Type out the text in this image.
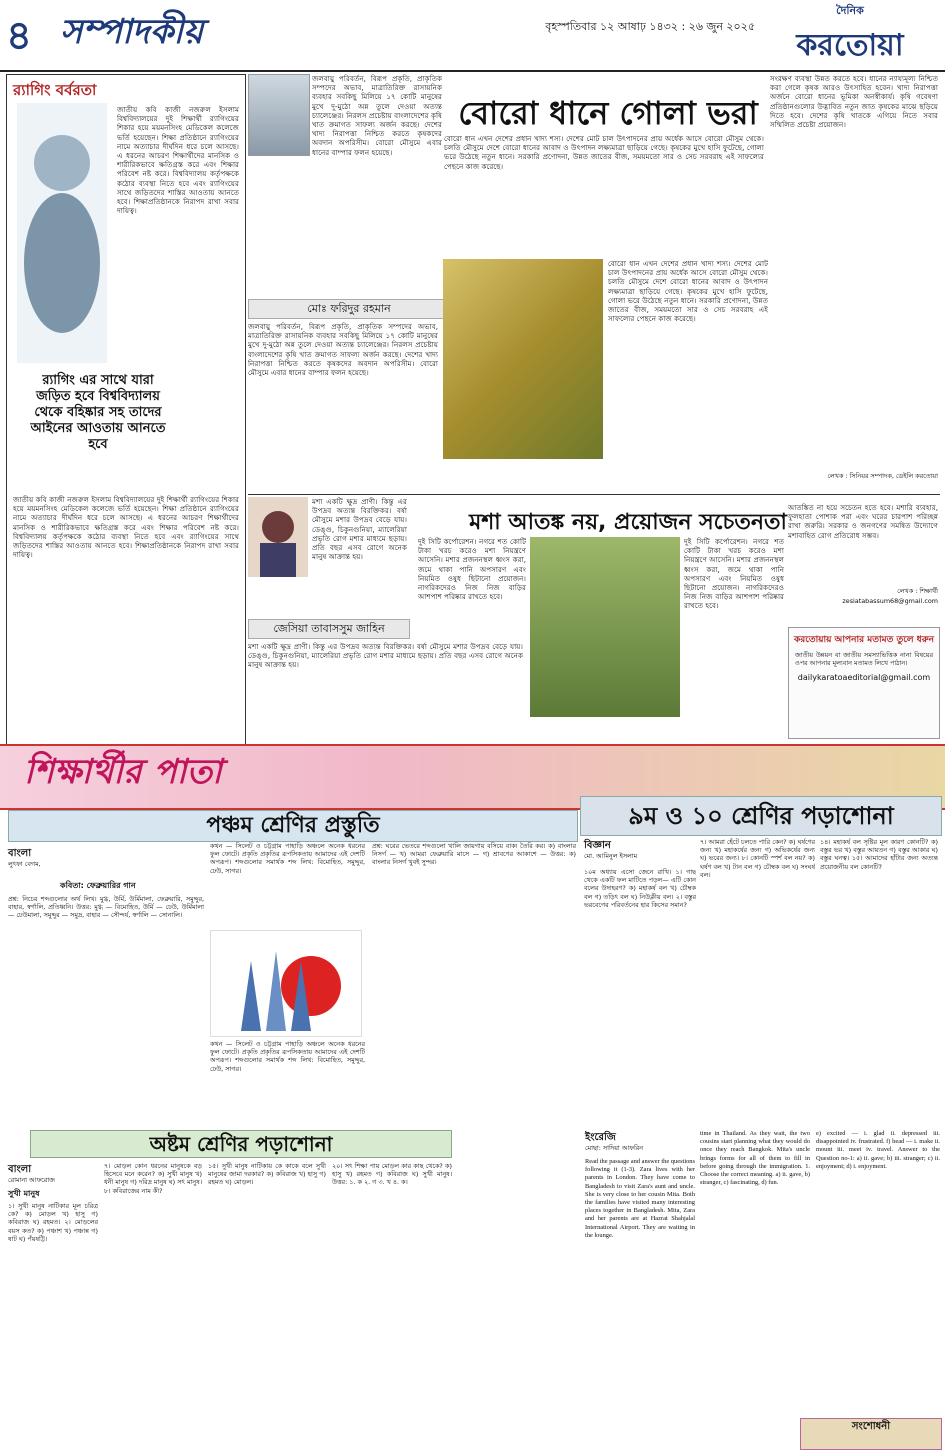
৪ সম্পাদকীয়	বৃহস্পতিবার ১২ আষাঢ় ১৪৩২ : ২৬ জুন ২০২৫
দৈনিক
করতোয়া
র‍্যাগিং বর্বরতা
র‍্যাগিং এর সাথে যারা জড়িত হবে বিশ্ববিদ্যালয় থেকে বহিষ্কার সহ তাদের আইনের আওতায় আনতে হবে
জাতীয় কবি কাজী নজরুল ইসলাম বিশ্ববিদ্যালয়ের দুই শিক্ষার্থী র‍্যাগিংয়ের শিকার হয়ে ময়মনসিংহ মেডিকেল কলেজে ভর্তি হয়েছেন। শিক্ষা প্রতিষ্ঠানে র‍্যাগিংয়ের নামে অত্যাচার দীর্ঘদিন ধরে চলে আসছে। এ ধরনের আচরণ শিক্ষার্থীদের মানসিক ও শারীরিকভাবে ক্ষতিগ্রস্ত করে এবং শিক্ষার পরিবেশ নষ্ট করে। বিশ্ববিদ্যালয় কর্তৃপক্ষকে কঠোর ব্যবস্থা নিতে হবে এবং র‍্যাগিংয়ের সাথে জড়িতদের শাস্তির আওতায় আনতে হবে। শিক্ষাপ্রতিষ্ঠানকে নিরাপদ রাখা সবার দায়িত্ব।
জাতীয় কবি কাজী নজরুল ইসলাম বিশ্ববিদ্যালয়ের দুই শিক্ষার্থী র‍্যাগিংয়ের শিকার হয়ে ময়মনসিংহ মেডিকেল কলেজে ভর্তি হয়েছেন। শিক্ষা প্রতিষ্ঠানে র‍্যাগিংয়ের নামে অত্যাচার দীর্ঘদিন ধরে চলে আসছে। এ ধরনের আচরণ শিক্ষার্থীদের মানসিক ও শারীরিকভাবে ক্ষতিগ্রস্ত করে এবং শিক্ষার পরিবেশ নষ্ট করে। বিশ্ববিদ্যালয় কর্তৃপক্ষকে কঠোর ব্যবস্থা নিতে হবে এবং র‍্যাগিংয়ের সাথে জড়িতদের শাস্তির আওতায় আনতে হবে। শিক্ষাপ্রতিষ্ঠানকে নিরাপদ রাখা সবার দায়িত্ব।
বোরো ধানে গোলা ভরা
জলবায়ু পরিবর্তন, বিরূপ প্রকৃতি, প্রাকৃতিক সম্পদের অভাব, মাত্রাতিরিক্ত রাসায়নিক ব্যবহার সবকিছু মিলিয়ে ১৭ কোটি মানুষের মুখে দু-মুঠো অন্ন তুলে দেওয়া অত্যন্ত চ্যালেঞ্জের। নিরলস প্রচেষ্টায় বাংলাদেশের কৃষি খাত ক্রমাগত সাফল্য অর্জন করছে। দেশের খাদ্য নিরাপত্তা নিশ্চিত করতে কৃষকদের অবদান অপরিসীম। বোরো মৌসুমে এবার ধানের বাম্পার ফলন হয়েছে।
মোঃ ফরিদুর রহমান
জলবায়ু পরিবর্তন, বিরূপ প্রকৃতি, প্রাকৃতিক সম্পদের অভাব, মাত্রাতিরিক্ত রাসায়নিক ব্যবহার সবকিছু মিলিয়ে ১৭ কোটি মানুষের মুখে দু-মুঠো অন্ন তুলে দেওয়া অত্যন্ত চ্যালেঞ্জের। নিরলস প্রচেষ্টায় বাংলাদেশের কৃষি খাত ক্রমাগত সাফল্য অর্জন করছে। দেশের খাদ্য নিরাপত্তা নিশ্চিত করতে কৃষকদের অবদান অপরিসীম। বোরো মৌসুমে এবার ধানের বাম্পার ফলন হয়েছে।
বোরো ধান এখন দেশের প্রধান খাদ্য শস্য। দেশের মোট চাল উৎপাদনের প্রায় অর্ধেক আসে বোরো মৌসুম থেকে। চলতি মৌসুমে দেশে বোরো ধানের আবাদ ও উৎপাদন লক্ষ্যমাত্রা ছাড়িয়ে গেছে। কৃষকের মুখে হাসি ফুটেছে, গোলা ভরে উঠেছে নতুন ধানে। সরকারি প্রণোদনা, উন্নত জাতের বীজ, সময়মতো সার ও সেচ সরবরাহ এই সাফল্যের পেছনে কাজ করেছে।
বোরো ধান এখন দেশের প্রধান খাদ্য শস্য। দেশের মোট চাল উৎপাদনের প্রায় অর্ধেক আসে বোরো মৌসুম থেকে। চলতি মৌসুমে দেশে বোরো ধানের আবাদ ও উৎপাদন লক্ষ্যমাত্রা ছাড়িয়ে গেছে। কৃষকের মুখে হাসি ফুটেছে, গোলা ভরে উঠেছে নতুন ধানে। সরকারি প্রণোদনা, উন্নত জাতের বীজ, সময়মতো সার ও সেচ সরবরাহ এই সাফল্যের পেছনে কাজ করেছে।
সংরক্ষণ ব্যবস্থা উন্নত করতে হবে। ধানের ন্যায্যমূল্য নিশ্চিত করা গেলে কৃষক আরও উৎসাহিত হবেন। খাদ্য নিরাপত্তা অর্জনে বোরো ধানের ভূমিকা অনস্বীকার্য। কৃষি গবেষণা প্রতিষ্ঠানগুলোর উদ্ভাবিত নতুন জাত কৃষকের মাঝে ছড়িয়ে দিতে হবে। দেশের কৃষি খাতকে এগিয়ে নিতে সবার সম্মিলিত প্রচেষ্টা প্রয়োজন।
লেখক : সিনিয়র সম্পাদক, ডেইলি করতোয়া
মশা একটি ক্ষুদ্র প্রাণী। কিন্তু এর উপদ্রব অত্যন্ত বিরক্তিকর। বর্ষা মৌসুমে মশার উপদ্রব বেড়ে যায়। ডেঙ্গু, চিকুনগুনিয়া, ম্যালেরিয়া প্রভৃতি রোগ মশার মাধ্যমে ছড়ায়। প্রতি বছর এসব রোগে অনেক মানুষ আক্রান্ত হয়।
জেসিয়া তাবাসসুম জাহিন
মশা একটি ক্ষুদ্র প্রাণী। কিন্তু এর উপদ্রব অত্যন্ত বিরক্তিকর। বর্ষা মৌসুমে মশার উপদ্রব বেড়ে যায়। ডেঙ্গু, চিকুনগুনিয়া, ম্যালেরিয়া প্রভৃতি রোগ মশার মাধ্যমে ছড়ায়। প্রতি বছর এসব রোগে অনেক মানুষ আক্রান্ত হয়।
মশা আতঙ্ক নয়, প্রয়োজন সচেতনতা
দুই সিটি কর্পোরেশন। নগরে শত কোটি টাকা খরচ করেও মশা নিয়ন্ত্রণে আসেনি। মশার প্রজননস্থল ধ্বংস করা, জমে থাকা পানি অপসারণ এবং নিয়মিত ওষুধ ছিটানো প্রয়োজন। নাগরিকদেরও নিজ নিজ বাড়ির আশপাশ পরিষ্কার রাখতে হবে।
দুই সিটি কর্পোরেশন। নগরে শত কোটি টাকা খরচ করেও মশা নিয়ন্ত্রণে আসেনি। মশার প্রজননস্থল ধ্বংস করা, জমে থাকা পানি অপসারণ এবং নিয়মিত ওষুধ ছিটানো প্রয়োজন। নাগরিকদেরও নিজ নিজ বাড়ির আশপাশ পরিষ্কার রাখতে হবে।
আতঙ্কিত না হয়ে সচেতন হতে হবে। মশারি ব্যবহার, ফুলহাতা পোশাক পরা এবং ঘরের চারপাশ পরিচ্ছন্ন রাখা জরুরি। সরকার ও জনগণের সমন্বিত উদ্যোগে মশাবাহিত রোগ প্রতিরোধ সম্ভব।
লেখক : শিক্ষার্থী
zesiatabassum68@gmail.com
করতোয়ায় আপনার মতামত তুলে ধরুন
জাতীয় উন্নয়ন বা জাতীয় সমস্যাভিত্তিক নানা বিষয়ের ওপর আপনার মূল্যবান মতামত লিখে পাঠান।
dailykaratoaeditorial@gmail.com
শিক্ষার্থীর পাতা
পঞ্চম শ্রেণির প্রস্তুতি
বাংলা
লুৎফা বেগম,
কবিতা: ফেব্রুয়ারির গান
প্রশ্ন: নিচের শব্দগুলোর অর্থ লিখ। মুগ্ধ, উর্মি, উর্মিমালা, ফেব্রুয়ারি, সমুদ্দুর, বাহার, স্বর্ণালি, প্রতিধ্বনি। উত্তর: মুগ্ধ — বিমোহিত, উর্মি — ঢেউ, উর্মিমালা — ঢেউমালা, সমুদ্দুর — সমুদ্র, বাহার — সৌন্দর্য, স্বর্ণালি — সোনালি।
কথন — সিলেট ও চট্টগ্রাম পাহাড়ি অঞ্চলে অনেক ধরনের ফুল ফোটে। প্রকৃতি প্রকৃতির রূপসিকতায় আমাদের এই দেশটি অপরূপ। শব্দগুলোর সমার্থক শব্দ লিখ: বিমোহিত, সমুদ্দুর, ঢেউ, সাগর।
কথন — সিলেট ও চট্টগ্রাম পাহাড়ি অঞ্চলে অনেক ধরনের ফুল ফোটে। প্রকৃতি প্রকৃতির রূপসিকতায় আমাদের এই দেশটি অপরূপ। শব্দগুলোর সমার্থক শব্দ লিখ: বিমোহিত, সমুদ্দুর, ঢেউ, সাগর।
প্রশ্ন: ঘরের ভেতরে শব্দগুলো খালি জায়গায় বসিয়ে বাক্য তৈরি কর। ক) বাংলার নিসর্গ — খ) আমরা ফেব্রুয়ারি মাসে — গ) শ্রাবণের আকাশে — উত্তর: ক) বাংলার নিসর্গ খুবই সুন্দর।
৯ম ও ১০ শ্রেণির পড়াশোনা
বিজ্ঞান
মো. আমিনুল ইসলাম
১০ম অধ্যায় এসো জেনে রাখি। ১। গাছ থেকে একটি ফল মাটিতে পড়ল— এটি কোন বলের উদাহরণ? ক) মহাকর্ষ বল খ) চৌম্বক বল গ) তড়িৎ বল ঘ) নিউক্লীয় বল। ২। বস্তুর ভরবেগের পরিবর্তনের হার কিসের সমান?
৭। আমরা হেঁটে চলতে পারি কেন? ক) ঘর্ষণের জন্য খ) মহাকর্ষের জন্য গ) অভিকর্ষের জন্য ঘ) ভরের জন্য। ৮। কোনটি স্পর্শ বল নয়? ক) ঘর্ষণ বল খ) টান বল গ) চৌম্বক বল ঘ) সংঘর্ষ বল।
১৪। মহাকর্ষ বল সৃষ্টির মূল কারণ কোনটি? ক) বস্তুর ভর খ) বস্তুর আয়তন গ) বস্তুর আকার ঘ) বস্তুর ঘনত্ব। ১৫। আমাদের হাঁটার জন্য অত্যন্ত প্রয়োজনীয় বল কোনটি?
অষ্টম শ্রেণির পড়াশোনা
বাংলা
রোমানা আফরোজ
সুখী মানুষ
১। সুখী মানুষ নাটিকার মূল চরিত্র কে? ক) মোড়ল খ) হাসু গ) কবিরাজ ঘ) রহমত। ২। মোড়লের বয়স কত? ক) পঞ্চাশ খ) পঞ্চান্ন গ) ষাট ঘ) পঁয়ষট্টি।
৭। মোড়ল কোন ধরনের মানুষকে বড় হিসেবে মনে করেন? ক) সুখী মানুষ খ) ধনী মানুষ গ) দরিদ্র মানুষ ঘ) সৎ মানুষ। ৮। কবিরাজের নাম কী?
১৫। সুখী মানুষ নাটিকায় কে কাকে বলে সুখী মানুষের জামা দরকার? ক) কবিরাজ খ) হাসু গ) রহমত ঘ) মোড়ল।
২০। সৎ শিক্ষা পায় মোড়ল কার কাছ থেকে? ক) হাসু খ) রহমত গ) কবিরাজ ঘ) সুখী মানুষ। উত্তর: ১. ক ২. গ ৩. খ ৪. ক।
ইংরেজি
মোছা: সাদিয়া আফরিন
Read the passage and answer the questions following it (1-3). Zara lives with her parents in London. They have come to Bangladesh to visit Zara's aunt and uncle. She is very close to her cousin Mita. Both the families have visited many interesting places together in Bangladesh. Mita, Zara and her parents are at Hazrat Shahjalal International Airport. They are waiting in the lounge.
time in Thailand. As they wait, the two cousins start planning what they would do once they reach Bangkok. Mita's uncle brings forms for all of them to fill in before going through the immigration. 1. Choose the correct meaning. a) ii. gave, b) stranger, c) fascinating, d) fun.
e) excited — i. glad ii. depressed iii. disappointed iv. frustrated. f) head — i. make ii. mount iii. meet iv. travel. Answer to the Question no-1: a) ii. gave; b) iii. stranger; c) ii. enjoyment; d) i. enjoyment.
সংশোধনী
